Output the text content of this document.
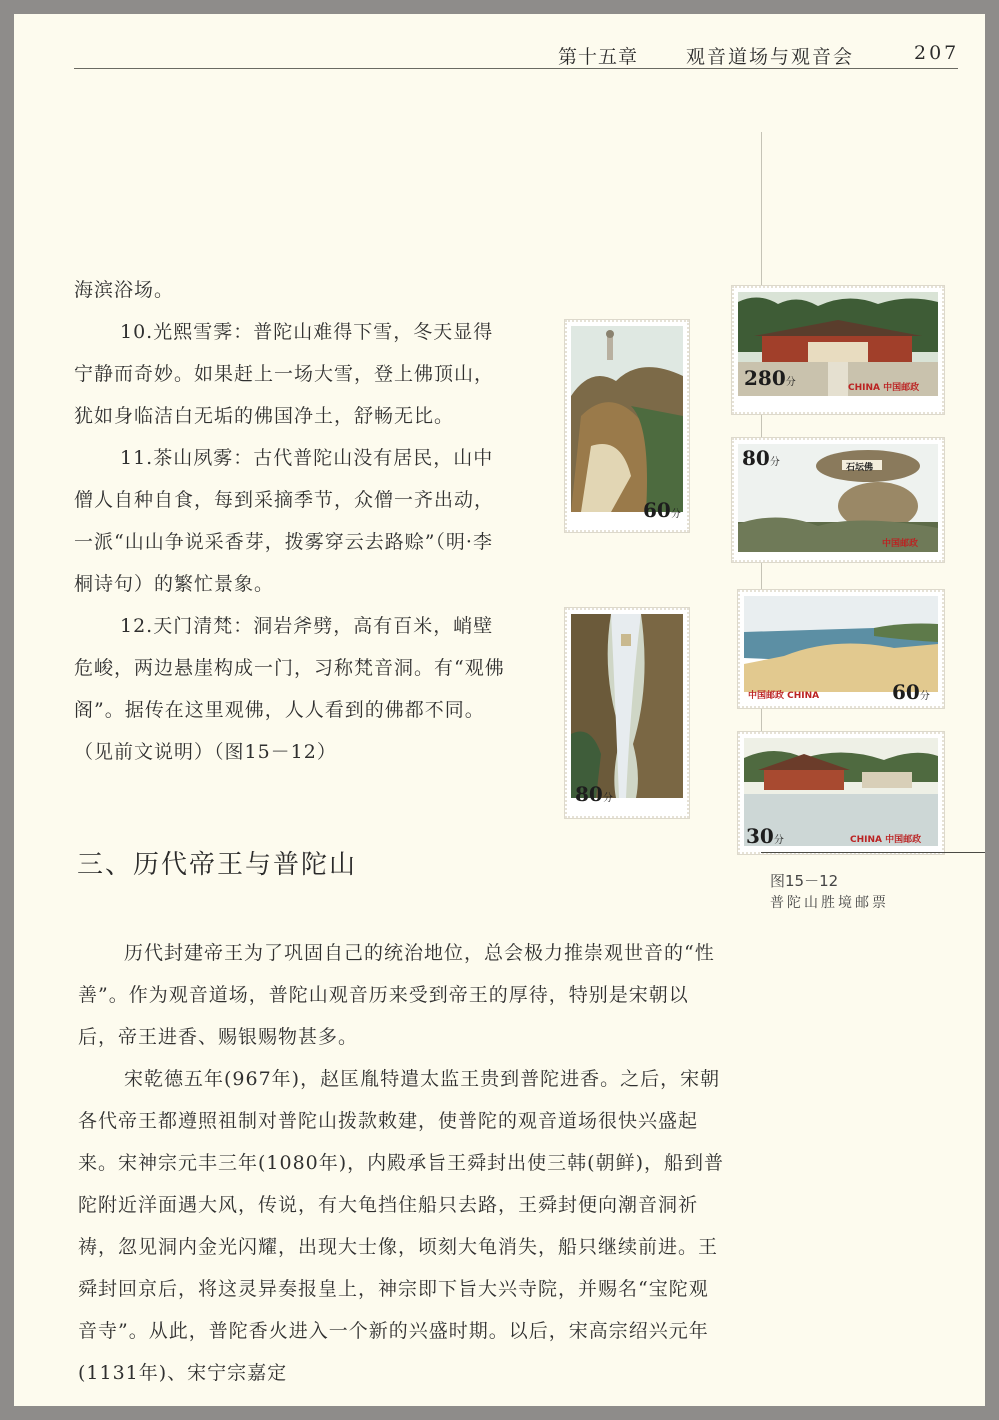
第十五章	观音道场与观音会	207

海滨浴场。

10.光熙雪霁：普陀山难得下雪，冬天显得宁静而奇妙。如果赶上一场大雪，登上佛顶山，犹如身临洁白无垢的佛国净土，舒畅无比。

11.茶山夙雾：古代普陀山没有居民，山中僧人自种自食，每到采摘季节，众僧一齐出动，一派“山山争说采香芽，拨雾穿云去路赊”（明·李桐诗句）的繁忙景象。

12.天门清梵：洞岩斧劈，高有百米，峭壁危峻，两边悬崖构成一门，习称梵音洞。有“观佛阁”。据传在这里观佛，人人看到的佛都不同。（见前文说明）（图15－12）

60分
80分
280分	CHINA 中国邮政
80分	石坛佛
中国邮政
中国邮政 CHINA	60分
30分	CHINA 中国邮政
图15－12
普陀山胜境邮票
三、历代帝王与普陀山

历代封建帝王为了巩固自己的统治地位，总会极力推崇观世音的“性善”。作为观音道场，普陀山观音历来受到帝王的厚待，特别是宋朝以后，帝王进香、赐银赐物甚多。

宋乾德五年(967年)，赵匡胤特遣太监王贵到普陀进香。之后，宋朝各代帝王都遵照祖制对普陀山拨款敕建，使普陀的观音道场很快兴盛起来。宋神宗元丰三年(1080年)，内殿承旨王舜封出使三韩(朝鲜)，船到普陀附近洋面遇大风，传说，有大龟挡住船只去路，王舜封便向潮音洞祈祷，忽见洞内金光闪耀，出现大士像，顷刻大龟消失，船只继续前进。王舜封回京后，将这灵异奏报皇上，神宗即下旨大兴寺院，并赐名“宝陀观音寺”。从此，普陀香火进入一个新的兴盛时期。以后，宋高宗绍兴元年(1131年)、宋宁宗嘉定
